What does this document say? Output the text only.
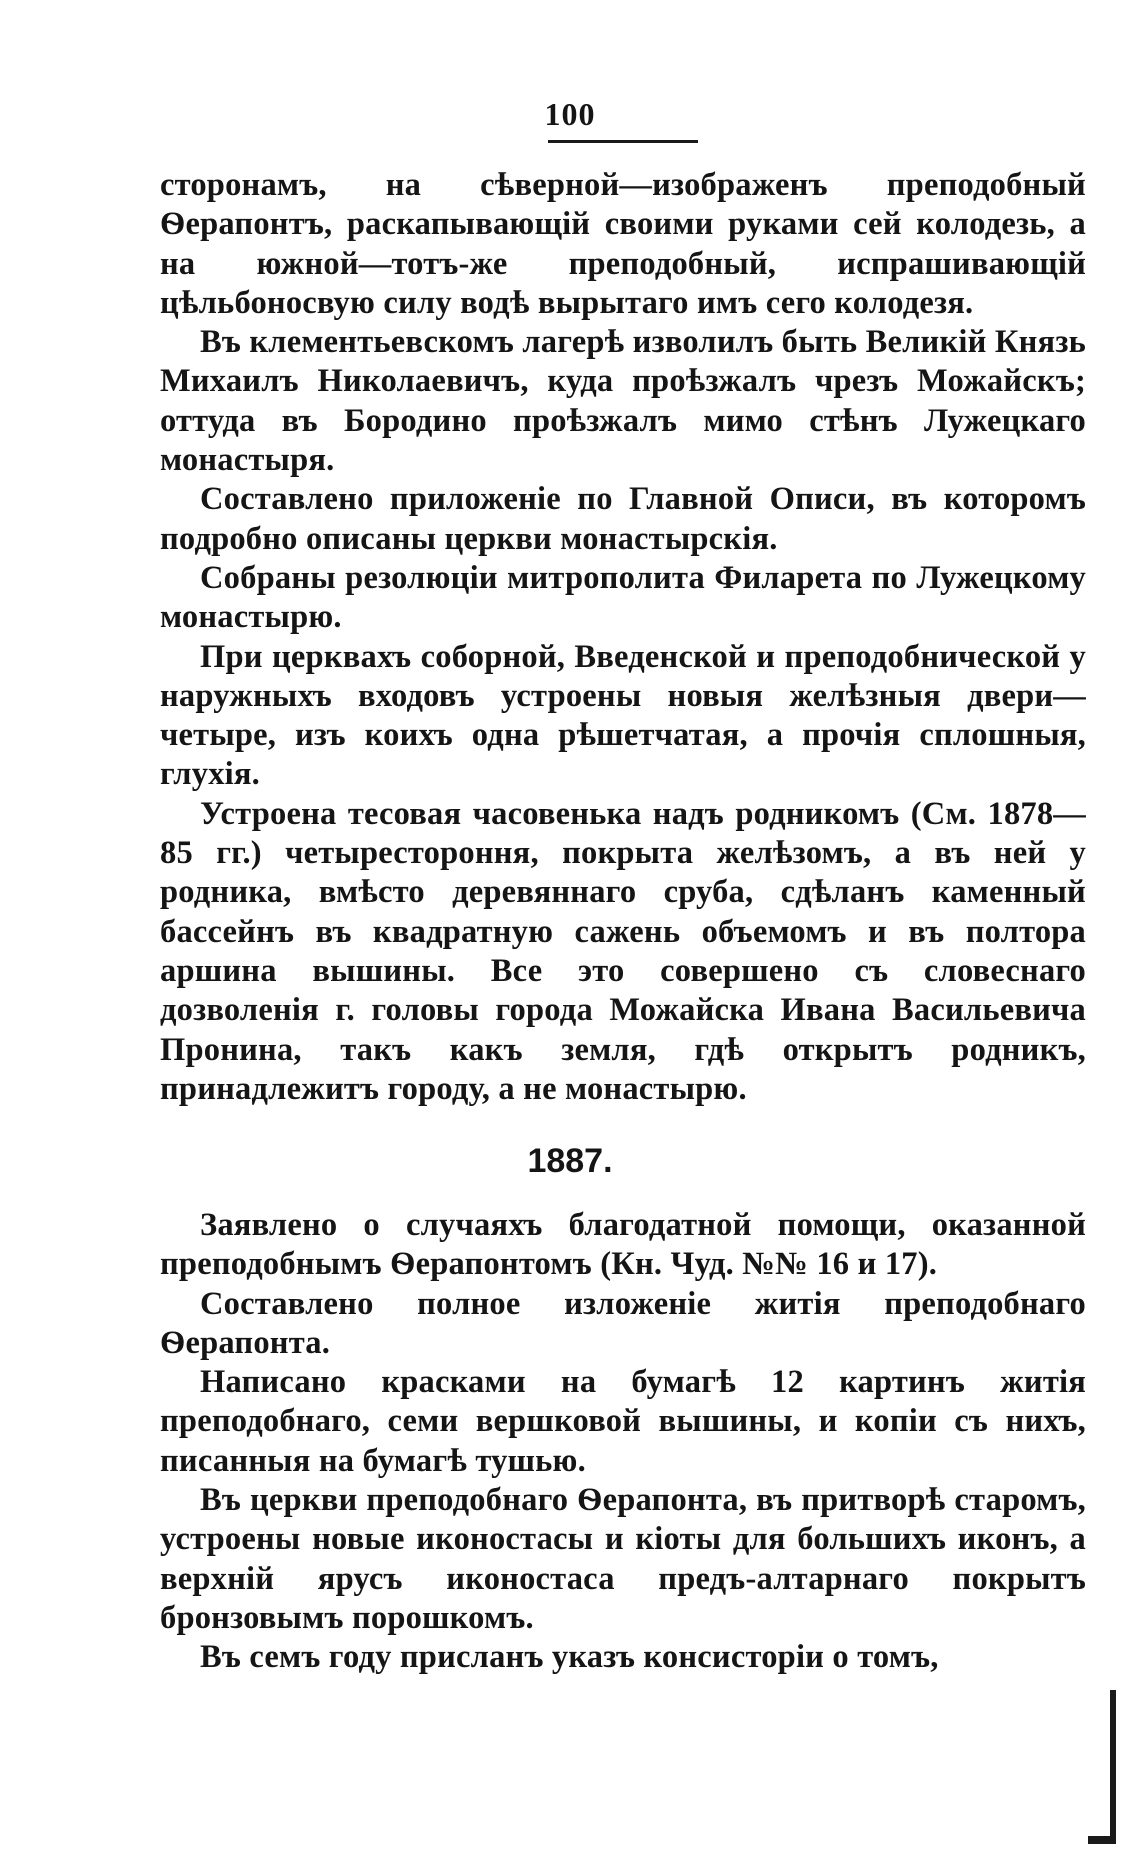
100

сторонамъ, на сѣверной—изображенъ преподобный Ѳерапонтъ, раскапывающій своими руками сей колодезь, а на южной—тотъ-же преподобный, испрашивающій цѣльбоносвую силу водѣ вырытаго имъ сего колодезя.

Въ клементьевскомъ лагерѣ изволилъ быть Великій Князь Михаилъ Николаевичъ, куда проѣзжалъ чрезъ Можайскъ; оттуда въ Бородино проѣзжалъ мимо стѣнъ Лужецкаго монастыря.

Составлено приложеніе по Главной Описи, въ которомъ подробно описаны церкви монастырскія.

Собраны резолюціи митрополита Филарета по Лужецкому монастырю.

При церквахъ соборной, Введенской и преподобнической у наружныхъ входовъ устроены новыя желѣзныя двери—четыре, изъ коихъ одна рѣшетчатая, а прочія сплошныя, глухія.

Устроена тесовая часовенька надъ родникомъ (См. 1878—85 гг.) четырестороння, покрыта желѣзомъ, а въ ней у родника, вмѣсто деревяннаго сруба, сдѣланъ каменный бассейнъ въ квадратную сажень объемомъ и въ полтора аршина вышины. Все это совершено съ словеснаго дозволенія г. головы города Можайска Ивана Васильевича Пронина, такъ какъ земля, гдѣ открытъ родникъ, принадлежитъ городу, а не монастырю.

1887.

Заявлено о случаяхъ благодатной помощи, оказанной преподобнымъ Ѳерапонтомъ (Кн. Чуд. №№ 16 и 17).

Составлено полное изложеніе житія преподобнаго Ѳерапонта.

Написано красками на бумагѣ 12 картинъ житія преподобнаго, семи вершковой вышины, и копіи съ нихъ, писанныя на бумагѣ тушью.

Въ церкви преподобнаго Ѳерапонта, въ притворѣ старомъ, устроены новые иконостасы и кіоты для большихъ иконъ, а верхній ярусъ иконостаса предъ-алтарнаго покрытъ бронзовымъ порошкомъ.

Въ семъ году присланъ указъ консисторіи о томъ,
